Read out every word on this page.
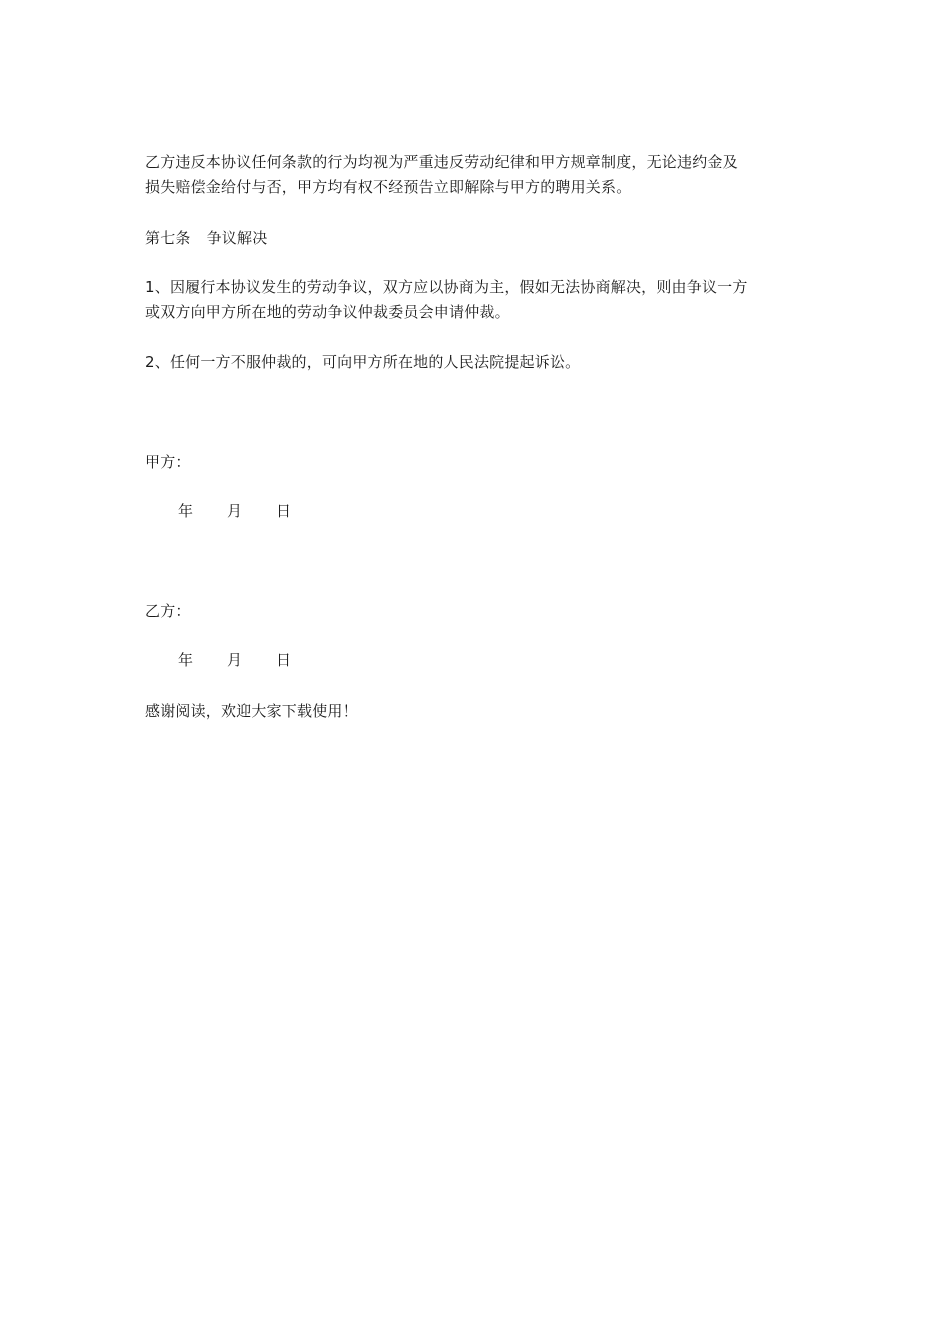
乙方违反本协议任何条款的行为均视为严重违反劳动纪律和甲方规章制度，无论违约金及
损失赔偿金给付与否，甲方均有权不经预告立即解除与甲方的聘用关系。
第七条 争议解决
1、因履行本协议发生的劳动争议，双方应以协商为主，假如无法协商解决，则由争议一方
或双方向甲方所在地的劳动争议仲裁委员会申请仲裁。
2、任何一方不服仲裁的，可向甲方所在地的人民法院提起诉讼。
甲方：
年 月 日
乙方：
年 月 日
感谢阅读，欢迎大家下载使用！
